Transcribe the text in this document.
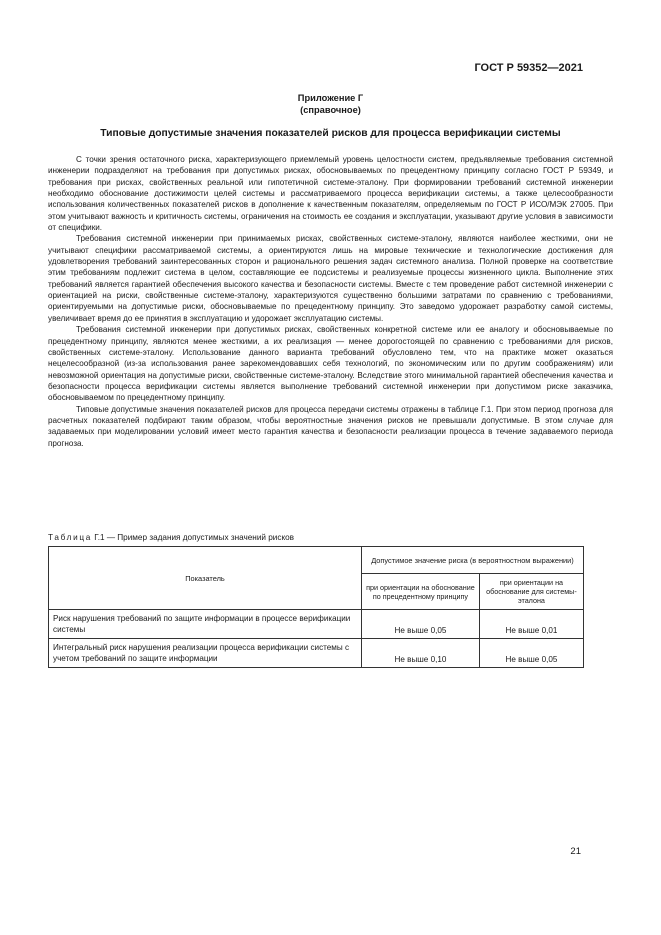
ГОСТ Р 59352—2021
Приложение Г
(справочное)
Типовые допустимые значения показателей рисков для процесса верификации системы

С точки зрения остаточного риска, характеризующего приемлемый уровень целостности систем, предъявляемые требования системной инженерии подразделяют на требования при допустимых рисках, обосновываемых по прецедентному принципу согласно ГОСТ Р 59349, и требования при рисках, свойственных реальной или гипотетичной системе-эталону. При формировании требований системной инженерии необходимо обоснование достижимости целей системы и рассматриваемого процесса верификации системы, а также целесообразности использования количественных показателей рисков в дополнение к качественным показателям, определяемым по ГОСТ Р ИСО/МЭК 27005. При этом учитывают важность и критичность системы, ограничения на стоимость ее создания и эксплуатации, указывают другие условия в зависимости от специфики.

Требования системной инженерии при принимаемых рисках, свойственных системе-эталону, являются наиболее жесткими, они не учитывают специфики рассматриваемой системы, а ориентируются лишь на мировые технические и технологические достижения для удовлетворения требований заинтересованных сторон и рационального решения задач системного анализа. Полной проверке на соответствие этим требованиям подлежит система в целом, составляющие ее подсистемы и реализуемые процессы жизненного цикла. Выполнение этих требований является гарантией обеспечения высокого качества и безопасности системы. Вместе с тем проведение работ системной инженерии с ориентацией на риски, свойственные системе-эталону, характеризуются существенно большими затратами по сравнению с требованиями, ориентируемыми на допустимые риски, обосновываемые по прецедентному принципу. Это заведомо удорожает разработку самой системы, увеличивает время до ее принятия в эксплуатацию и удорожает эксплуатацию системы.

Требования системной инженерии при допустимых рисках, свойственных конкретной системе или ее аналогу и обосновываемые по прецедентному принципу, являются менее жесткими, а их реализация — менее дорогостоящей по сравнению с требованиями для рисков, свойственных системе-эталону. Использование данного варианта требований обусловлено тем, что на практике может оказаться нецелесообразной (из-за использования ранее зарекомендовавших себя технологий, по экономическим или по другим соображениям) или невозможной ориентация на допустимые риски, свойственные системе-эталону. Вследствие этого минимальной гарантией обеспечения качества и безопасности процесса верификации системы является выполнение требований системной инженерии при допустимом риске заказчика, обосновываемом по прецедентному принципу.

Типовые допустимые значения показателей рисков для процесса передачи системы отражены в таблице Г.1. При этом период прогноза для расчетных показателей подбирают таким образом, чтобы вероятностные значения рисков не превышали допустимые. В этом случае для задаваемых при моделировании условий имеет место гарантия качества и безопасности реализации процесса в течение задаваемого периода прогноза.

Таблица Г.1 — Пример задания допустимых значений рисков
Показатель	Допустимое значение риска (в вероятностном выражении)	
	при ориентации на обоснование по прецедентному принципу	при ориентации на обоснование для системы-эталона
Риск нарушения требований по защите информации в процессе верификации системы	Не выше 0,05	Не выше 0,01
Интегральный риск нарушения реализации процесса верификации системы с учетом требований по защите информации	Не выше 0,10	Не выше 0,05
21
